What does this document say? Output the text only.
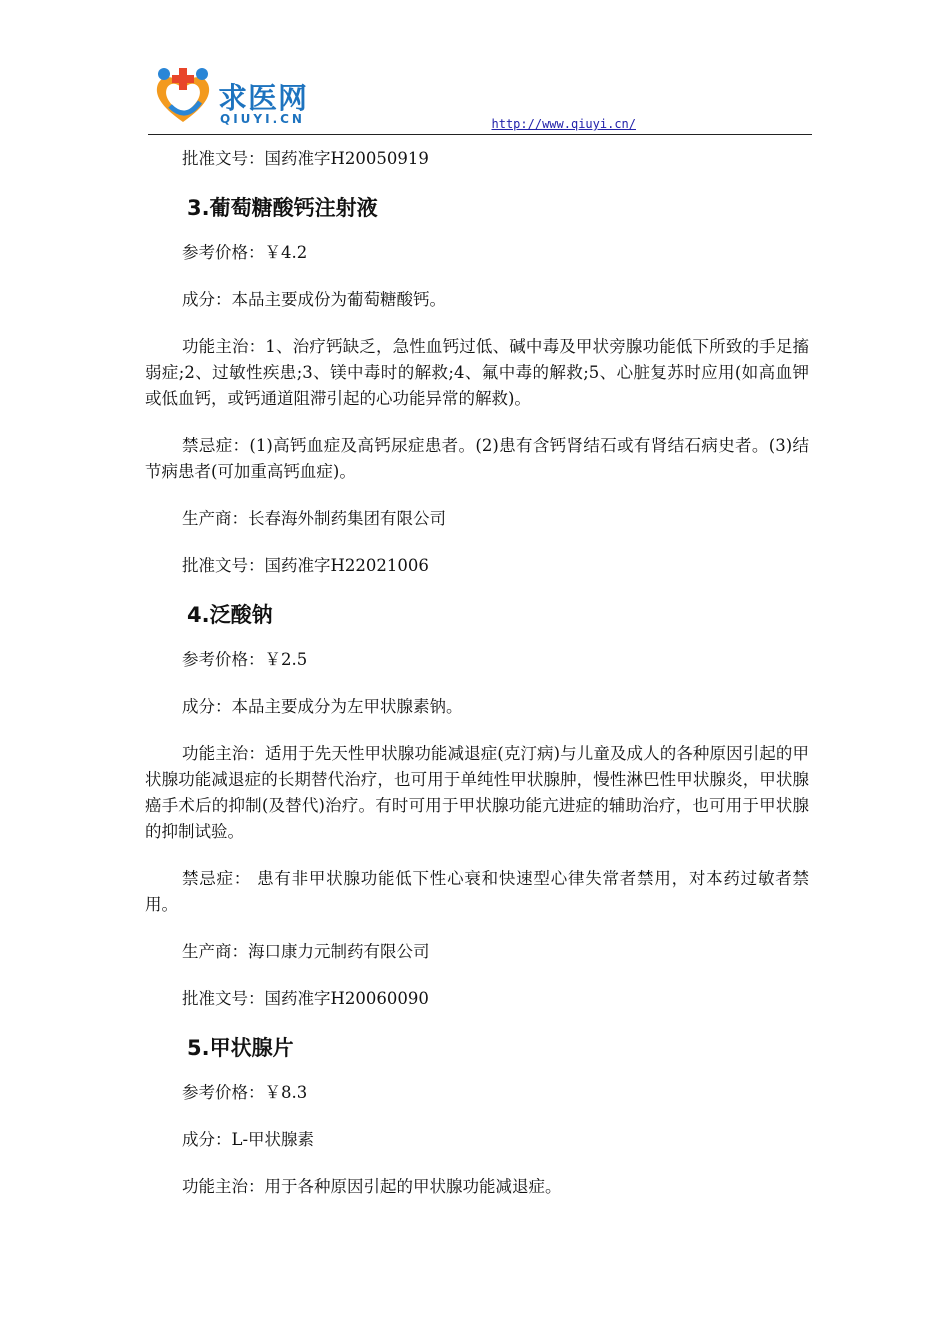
求医网
QIUYI.CN	http://www.qiuyi.cn/

批准文号：国药准字H20050919

3.葡萄糖酸钙注射液

参考价格：￥4.2

成分：本品主要成份为葡萄糖酸钙。

功能主治：1、治疗钙缺乏，急性血钙过低、碱中毒及甲状旁腺功能低下所致的手足搐弱症;2、过敏性疾患;3、镁中毒时的解救;4、氟中毒的解救;5、心脏复苏时应用(如高血钾或低血钙，或钙通道阻滞引起的心功能异常的解救)。

禁忌症：(1)高钙血症及高钙尿症患者。(2)患有含钙肾结石或有肾结石病史者。(3)结节病患者(可加重高钙血症)。

生产商：长春海外制药集团有限公司

批准文号：国药准字H22021006

4.泛酸钠

参考价格：￥2.5

成分：本品主要成分为左甲状腺素钠。

功能主治：适用于先天性甲状腺功能减退症(克汀病)与儿童及成人的各种原因引起的甲状腺功能减退症的长期替代治疗，也可用于单纯性甲状腺肿，慢性淋巴性甲状腺炎，甲状腺癌手术后的抑制(及替代)治疗。有时可用于甲状腺功能亢进症的辅助治疗，也可用于甲状腺的抑制试验。

禁忌症： 患有非甲状腺功能低下性心衰和快速型心律失常者禁用，对本药过敏者禁用。

生产商：海口康力元制药有限公司

批准文号：国药准字H20060090

5.甲状腺片

参考价格：￥8.3

成分：L-甲状腺素

功能主治：用于各种原因引起的甲状腺功能减退症。
